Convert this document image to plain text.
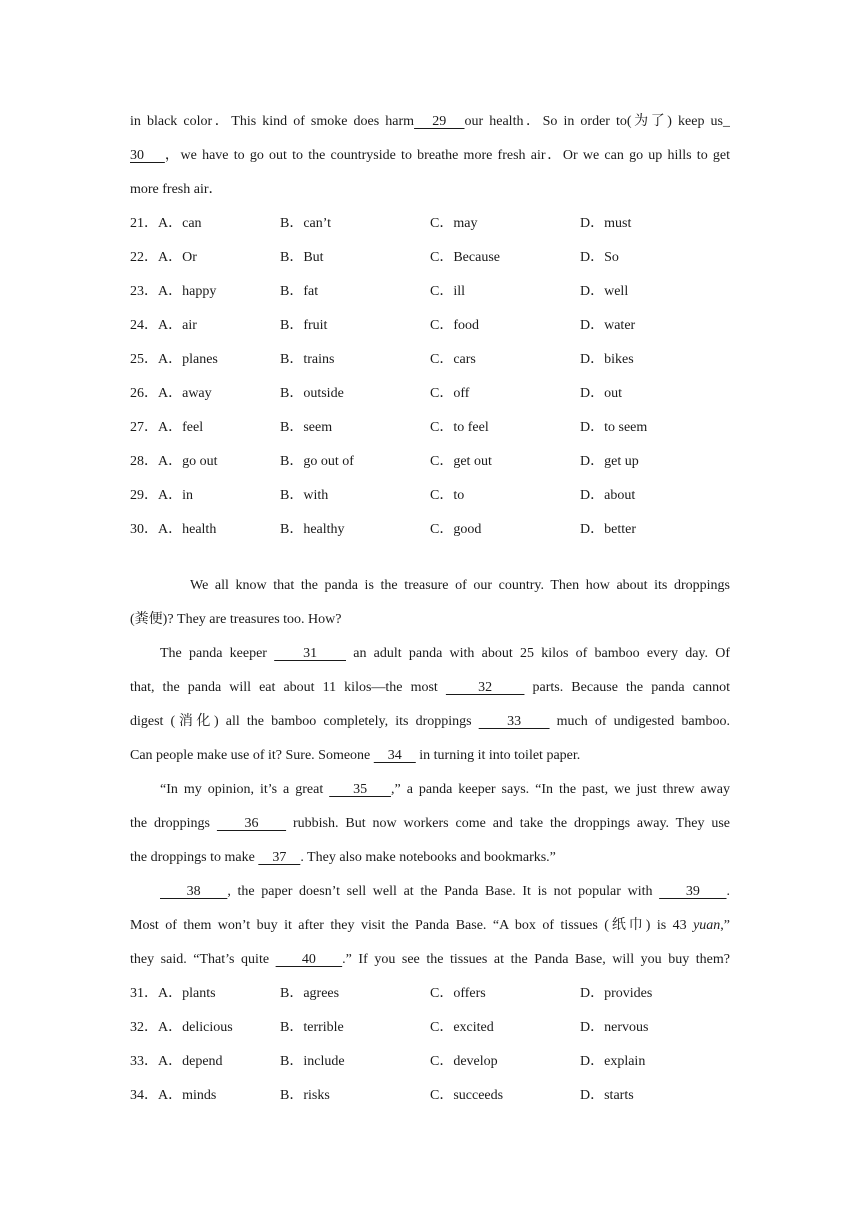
in black color．This kind of smoke does harm   29   our health．So in order to(为了) keep us_
30    ，we have to go out to the countryside to breathe more fresh air．Or we can go up hills to get
more fresh air．
21．A．can	B．can’t	C．may	D．must
22．A．Or	B．But	C．Because	D．So
23．A．happy	B．fat	C．ill	D．well
24．A．air	B．fruit	C．food	D．water
25．A．planes	B．trains	C．cars	D．bikes
26．A．away	B．outside	C．off	D．out
27．A．feel	B．seem	C．to feel	D．to seem
28．A．go out	B．go out of	C．get out	D．get up
29．A．in	B．with	C．to	D．about
30．A．health	B．healthy	C．good	D．better
We all know that the panda is the treasure of our country. Then how about its droppings
(粪便)? They are treasures too. How?
The panda keeper     31     an adult panda with about 25 kilos of bamboo every day. Of
that, the panda will eat about 11 kilos—the most     32     parts. Because the panda cannot
digest (消化) all the bamboo completely, its droppings     33     much of undigested bamboo.
Can people make use of it? Sure. Someone     34     in turning it into toilet paper.
“In my opinion, it’s a great     35    ,” a panda keeper says. “In the past, we just threw away
the droppings     36     rubbish. But now workers come and take the droppings away. They use
the droppings to make     37    . They also make notebooks and bookmarks.”
38    , the paper doesn’t sell well at the Panda Base. It is not popular with     39    .
Most of them won’t buy it after they visit the Panda Base. “A box of tissues (纸巾) is 43 yuan,”
they said. “That’s quite     40    .” If you see the tissues at the Panda Base, will you buy them?
31．A．plants	B．agrees	C．offers	D．provides
32．A．delicious	B．terrible	C．excited	D．nervous
33．A．depend	B．include	C．develop	D．explain
34．A．minds	B．risks	C．succeeds	D．starts
